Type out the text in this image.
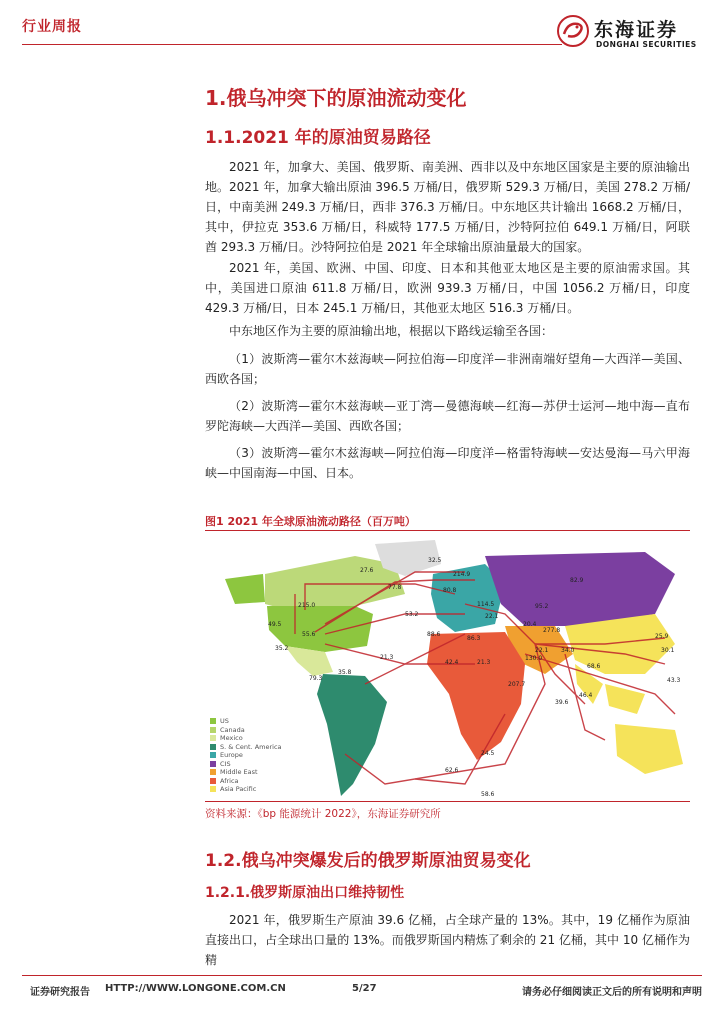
行业周报	东海证券
DONGHAI SECURITIES
1.俄乌冲突下的原油流动变化
1.1.2021 年的原油贸易路径

2021 年，加拿大、美国、俄罗斯、南美洲、西非以及中东地区国家是主要的原油输出地。2021 年，加拿大输出原油 396.5 万桶/日，俄罗斯 529.3 万桶/日，美国 278.2 万桶/日，中南美洲 249.3 万桶/日，西非 376.3 万桶/日。中东地区共计输出 1668.2 万桶/日，其中，伊拉克 353.6 万桶/日，科威特 177.5 万桶/日，沙特阿拉伯 649.1 万桶/日，阿联酋 293.3 万桶/日。沙特阿拉伯是 2021 年全球输出原油量最大的国家。

2021 年，美国、欧洲、中国、印度、日本和其他亚太地区是主要的原油需求国。其中，美国进口原油 611.8 万桶/日，欧洲 939.3 万桶/日，中国 1056.2 万桶/日，印度 429.3 万桶/日，日本 245.1 万桶/日，其他亚太地区 516.3 万桶/日。

中东地区作为主要的原油输出地，根据以下路线运输至各国：

（1）波斯湾—霍尔木兹海峡—阿拉伯海—印度洋—非洲南端好望角—大西洋—美国、西欧各国；

（2）波斯湾—霍尔木兹海峡—亚丁湾—曼德海峡—红海—苏伊士运河—地中海—直布罗陀海峡—大西洋—美国、西欧各国；

（3）波斯湾—霍尔木兹海峡—阿拉伯海—印度洋—格雷特海峡—安达曼海—马六甲海峡—中国南海—中国、日本。

图1 2021 年全球原油流动路径（百万吨）
32.5
27.6
214.9
77.8	80.8
82.9
215.0
53.2
114.5
22.1
95.2
49.5
55.6	88.6
86.3
20.4
277.8
25.9
30.1
35.2
21.3
22.1 34.0
68.6
42.4	21.3
130.0
79.3
35.8
207.7
43.3
46.4
39.6
24.5
62.6
58.6
US
Canada
Mexico
S. & Cent. America
Europe
CIS
Middle East
Africa
Asia Pacific
资料来源：《bp 能源统计 2022》，东海证券研究所
1.2.俄乌冲突爆发后的俄罗斯原油贸易变化
1.2.1.俄罗斯原油出口维持韧性

2021 年，俄罗斯生产原油 39.6 亿桶，占全球产量的 13%。其中，19 亿桶作为原油直接出口，占全球出口量的 13%。而俄罗斯国内精炼了剩余的 21 亿桶，其中 10 亿桶作为精

证券研究报告 HTTP://WWW.LONGONE.COM.CN	5/27	请务必仔细阅读正文后的所有说明和声明
